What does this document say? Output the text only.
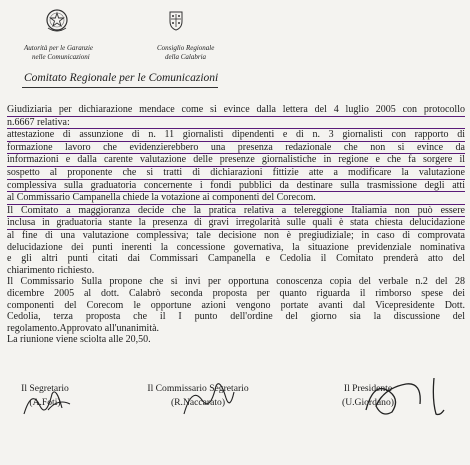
Autorità per le Garanzie
nelle Comunicazioni
Consiglio Regionale
della Calabria
Comitato Regionale per le Comunicazioni
Giudiziaria per dichiarazione mendace come si evince dalla lettera del 4 luglio 2005 con protocollo
n.6667 relativa:
attestazione di assunzione di n. 11 giornalisti dipendenti e di n. 3 giornalisti con rapporto di
formazione lavoro che evidenzierebbero una presenza redazionale che non si evince da
informazioni e dalla carente valutazione delle presenze giornalistiche in regione e che fa sorgere il
sospetto al proponente che si tratti di dichiarazioni fittizie atte a modificare la valutazione
complessiva sulla graduatoria concernente i fondi pubblici da destinare sulla trasmissione degli atti
al Commissario Campanella chiede la votazione ai componenti del Corecom.
Il Comitato a maggioranza decide che la pratica relativa a telereggione Italiamia non può essere
inclusa in graduatoria stante la presenza di gravi irregolarità sulle quali è stata chiesta delucidazione
al fine di una valutazione complessiva; tale decisione non è pregiudiziale; in caso di comprovata
delucidazione dei punti inerenti la concessione governativa, la situazione previdenziale nominativa
e gli altri punti citati dai Commissari Campanella e Cedolia il Comitato prenderà atto del
chiarimento richiesto.
Il Commissario Sulla propone che si invi per opportuna conoscenza copia del verbale n.2 del 28
dicembre 2005 al dott. Calabrò seconda proposta per quanto riguarda il rimborso spese dei
componenti del Corecom le opportune azioni vengono portate avanti dal Vicepresidente Dott.
Cedolia, terza proposta che il I punto dell'ordine del giorno sia la discussione del
regolamento.Approvato all'unanimità.
La riunione viene sciolta alle 20,50.
Il Segretario
(A.Foti)
Il Commissario Segretario
(R.Naccarato)
Il Presidente
(U.Giordano)
